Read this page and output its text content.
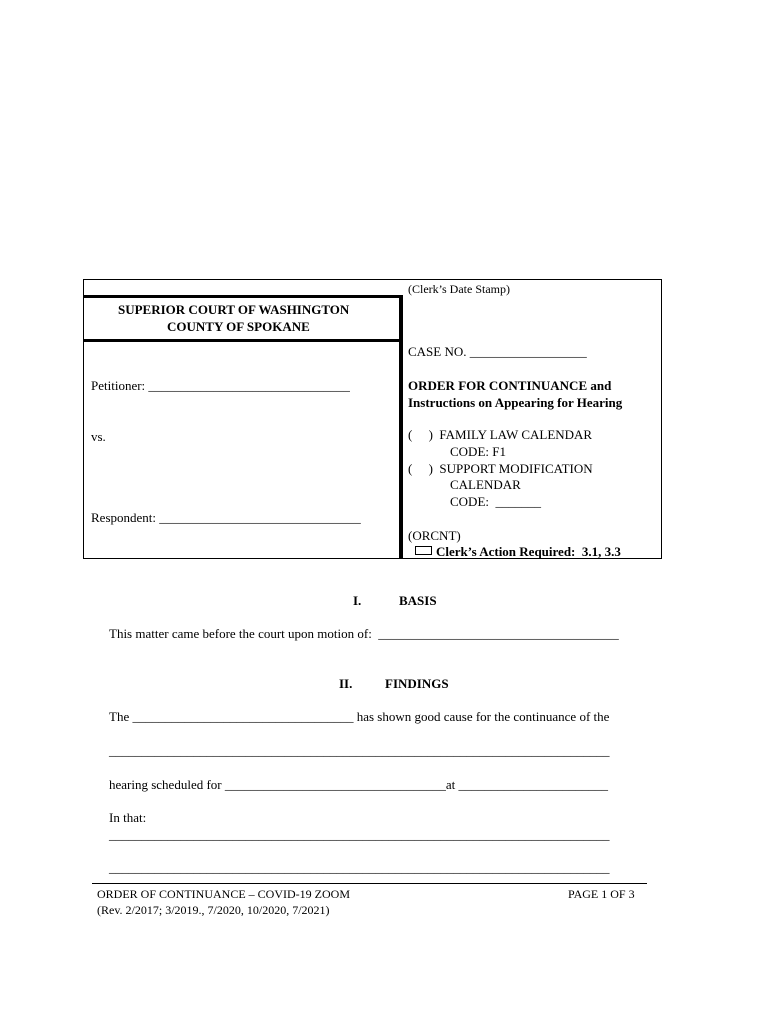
SUPERIOR COURT OF WASHINGTON
COUNTY OF SPOKANE
Petitioner: _______________________________
vs.
Respondent: _______________________________
(Clerk’s Date Stamp)
CASE NO. __________________
ORDER FOR CONTINUANCE and
Instructions on Appearing for Hearing
(     )  FAMILY LAW CALENDAR
CODE: F1
(     )  SUPPORT MODIFICATION
CALENDAR
CODE:  _______
(ORCNT)
Clerk’s Action Required:  3.1, 3.3
I.	BASIS
This matter came before the court upon motion of:  _____________________________________
II.	FINDINGS
The __________________________________ has shown good cause for the continuance of the
_____________________________________________________________________________
hearing scheduled for __________________________________at _______________________
In that:
_____________________________________________________________________________
_____________________________________________________________________________
ORDER OF CONTINUANCE – COVID-19 ZOOM
(Rev. 2/2017; 3/2019., 7/2020, 10/2020, 7/2021)
PAGE 1 OF 3
